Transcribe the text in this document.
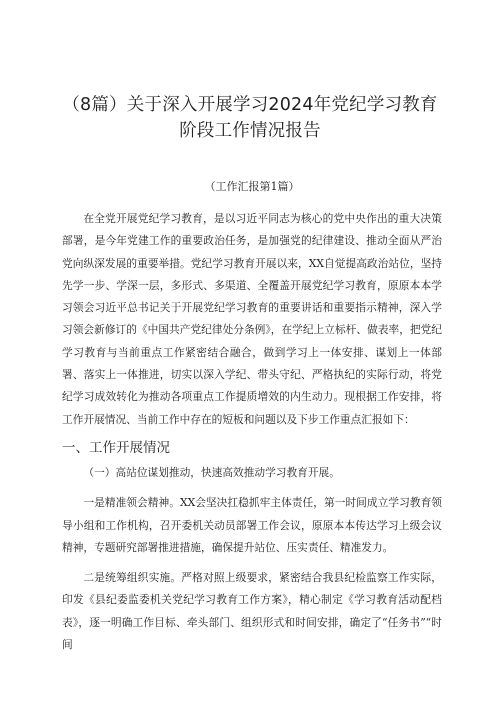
（8篇）关于深入开展学习2024年党纪学习教育阶段工作情况报告
（工作汇报第1篇）

在全党开展党纪学习教育，是以习近平同志为核心的党中央作出的重大决策部署，是今年党建工作的重要政治任务，是加强党的纪律建设、推动全面从严治党向纵深发展的重要举措。党纪学习教育开展以来，XX自觉提高政治站位，坚持先学一步、学深一层，多形式、多渠道、全覆盖开展党纪学习教育，原原本本学习领会习近平总书记关于开展党纪学习教育的重要讲话和重要指示精神，深入学习领会新修订的《中国共产党纪律处分条例》，在学纪上立标杆、做表率，把党纪学习教育与当前重点工作紧密结合融合，做到学习上一体安排、谋划上一体部署、落实上一体推进，切实以深入学纪、带头守纪、严格执纪的实际行动，将党纪学习成效转化为推动各项重点工作提质增效的内生动力。现根据工作安排，将工作开展情况、当前工作中存在的短板和问题以及下步工作重点汇报如下：

一、工作开展情况
（一）高站位谋划推动，快速高效推动学习教育开展。

一是精准领会精神。XX会坚决扛稳抓牢主体责任，第一时间成立学习教育领导小组和工作机构，召开委机关动员部署工作会议，原原本本传达学习上级会议精神，专题研究部署推进措施，确保提升站位、压实责任、精准发力。

二是统筹组织实施。严格对照上级要求，紧密结合我县纪检监察工作实际，印发《县纪委监委机关党纪学习教育工作方案》，精心制定《学习教育活动配档表》，逐一明确工作目标、牵头部门、组织形式和时间安排，确定了“任务书”“时间
